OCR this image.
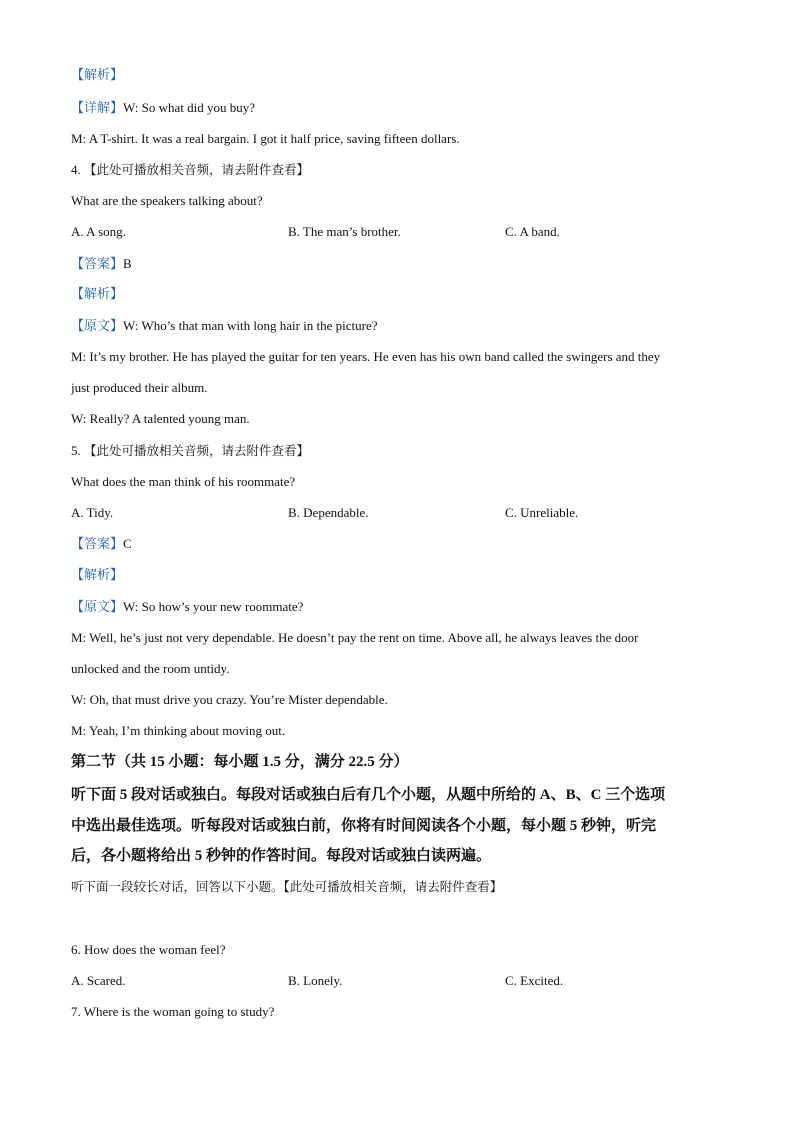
【解析】
【详解】W: So what did you buy?
M: A T-shirt. It was a real bargain. I got it half price, saving fifteen dollars.
4. 【此处可播放相关音频，请去附件查看】
What are the speakers talking about?
A. A song.	B. The man’s brother.	C. A band.
【答案】B
【解析】
【原文】W: Who’s that man with long hair in the picture?
M: It’s my brother. He has played the guitar for ten years. He even has his own band called the swingers and they
just produced their album.
W: Really? A talented young man.
5. 【此处可播放相关音频，请去附件查看】
What does the man think of his roommate?
A. Tidy.	B. Dependable.	C. Unreliable.
【答案】C
【解析】
【原文】W: So how’s your new roommate?
M: Well, he’s just not very dependable. He doesn’t pay the rent on time. Above all, he always leaves the door
unlocked and the room untidy.
W: Oh, that must drive you crazy. You’re Mister dependable.
M: Yeah, I’m thinking about moving out.
第二节（共 15 小题：每小题 1.5 分，满分 22.5 分）
听下面 5 段对话或独白。每段对话或独白后有几个小题，从题中所给的 A、B、C 三个选项
中选出最佳选项。听每段对话或独白前，你将有时间阅读各个小题，每小题 5 秒钟，听完
后，各小题将给出 5 秒钟的作答时间。每段对话或独白读两遍。
听下面一段较长对话，回答以下小题。【此处可播放相关音频，请去附件查看】
6. How does the woman feel?
A. Scared.	B. Lonely.	C. Excited.
7. Where is the woman going to study?
